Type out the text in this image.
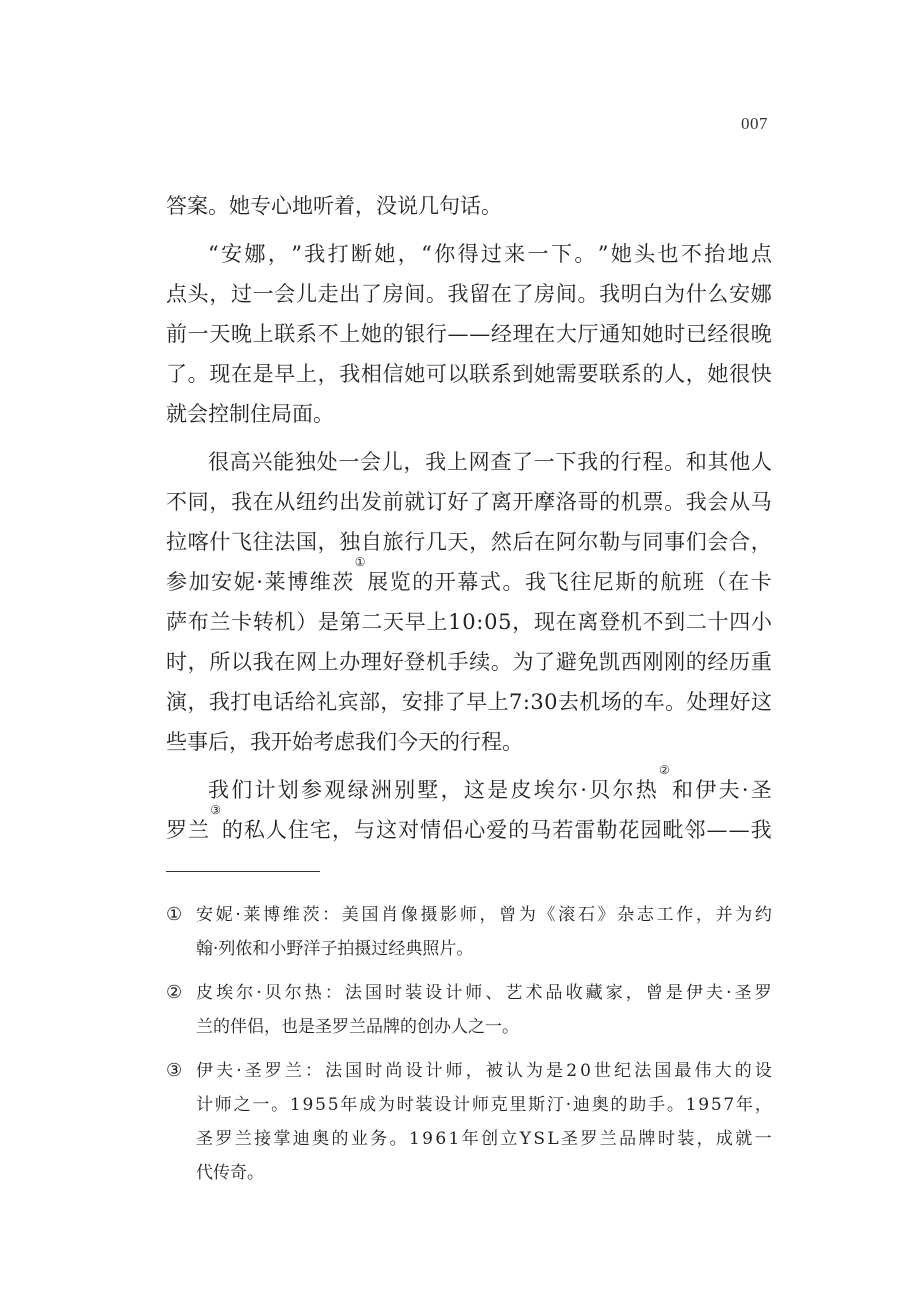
007
答 案 。 她 专 心 地 听 着 ， 没 说 几 句 话 。
“ 安 娜 ， ” 我 打 断 她 ， “ 你 得 过 来 一 下 。 ” 她 头 也 不 抬 地 点
点 头 ， 过 一 会 儿 走 出 了 房 间 。 我 留 在 了 房 间 。 我 明 白 为 什 么 安 娜
前 一 天 晚 上 联 系 不 上 她 的 银 行 — — 经 理 在 大 厅 通 知 她 时 已 经 很 晚
了 。 现 在 是 早 上 ， 我 相 信 她 可 以 联 系 到 她 需 要 联 系 的 人 ， 她 很 快
就 会 控 制 住 局 面 。
很 高 兴 能 独 处 一 会 儿 ， 我 上 网 查 了 一 下 我 的 行 程 。 和 其 他 人
不 同 ， 我 在 从 纽 约 出 发 前 就 订 好 了 离 开 摩 洛 哥 的 机 票 。 我 会 从 马
拉 喀 什 飞 往 法 国 ， 独 自 旅 行 几 天 ， 然 后 在 阿 尔 勒 与 同 事 们 会 合 ，
参 加 安 妮 · 莱 博 维 茨
①
展 览 的 开 幕 式 。 我 飞 往 尼 斯 的 航 班 （ 在 卡
萨 布 兰 卡 转 机 ） 是 第 二 天 早 上 1 0 : 0 5 ， 现 在 离 登 机 不 到 二 十 四 小
时 ， 所 以 我 在 网 上 办 理 好 登 机 手 续 。 为 了 避 免 凯 西 刚 刚 的 经 历 重
演 ， 我 打 电 话 给 礼 宾 部 ， 安 排 了 早 上 7 : 3 0 去 机 场 的 车 。 处 理 好 这
些 事 后 ， 我 开 始 考 虑 我 们 今 天 的 行 程 。
我 们 计 划 参 观 绿 洲 别 墅 ， 这 是 皮 埃 尔 · 贝 尔 热
②
和 伊 夫 · 圣
罗 兰
③
的 私 人 住 宅 ， 与 这 对 情 侣 心 爱 的 马 若 雷 勒 花 园 毗 邻 — — 我
① 安 妮 · 莱 博 维 茨 ： 美 国 肖 像 摄 影 师 ， 曾 为 《 滚 石 》 杂 志 工 作 ， 并 为 约
翰 · 列 侬 和 小 野 洋 子 拍 摄 过 经 典 照 片 。
② 皮 埃 尔 · 贝 尔 热 ： 法 国 时 装 设 计 师 、 艺 术 品 收 藏 家 ， 曾 是 伊 夫 · 圣 罗
兰 的 伴 侣 ， 也 是 圣 罗 兰 品 牌 的 创 办 人 之 一 。
③ 伊 夫 · 圣 罗 兰 ： 法 国 时 尚 设 计 师 ， 被 认 为 是 2 0 世 纪 法 国 最 伟 大 的 设
计 师 之 一 。 1 9 5 5 年 成 为 时 装 设 计 师 克 里 斯 汀 · 迪 奥 的 助 手 。 1 9 5 7 年 ，
圣 罗 兰 接 掌 迪 奥 的 业 务 。 1 9 6 1 年 创 立 Y S L 圣 罗 兰 品 牌 时 装 ， 成 就 一
代 传 奇 。
